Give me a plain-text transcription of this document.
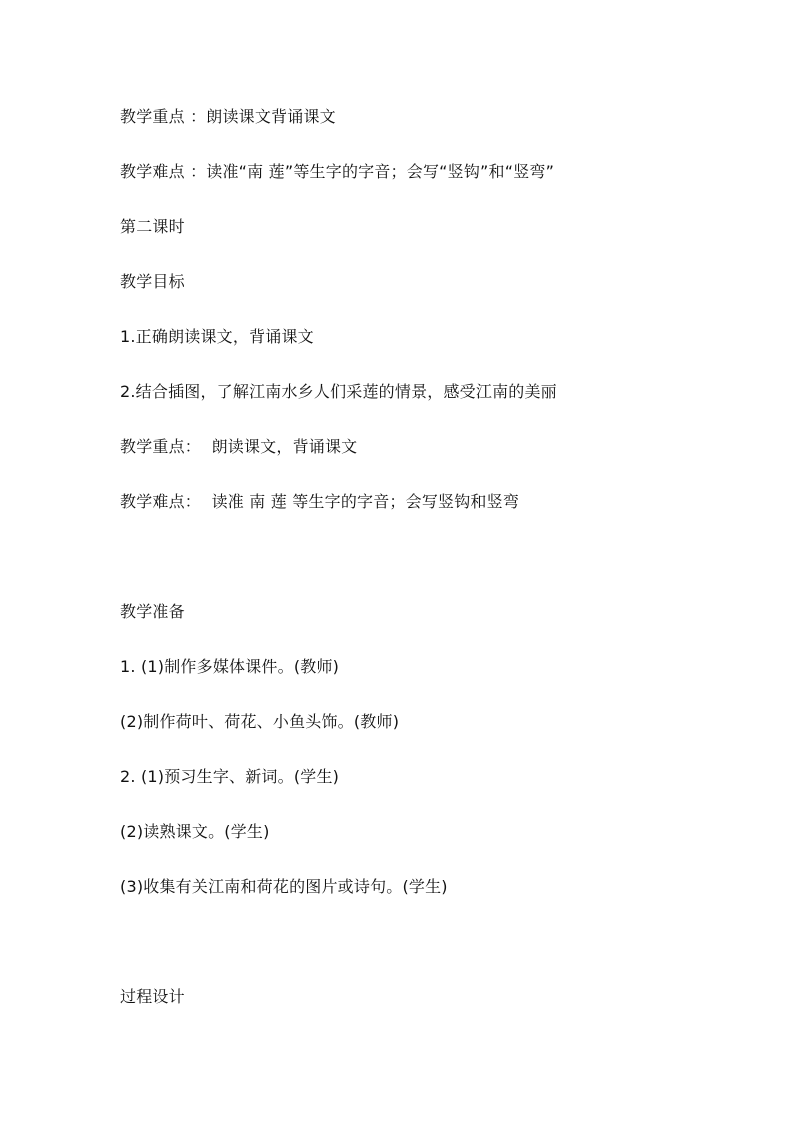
教学重点 ：朗读课文背诵课文
教学难点 ：读准“南 莲”等生字的字音；会写“竖钩”和“竖弯”
第二课时
教学目标
1.正确朗读课文，背诵课文
2.结合插图，了解江南水乡人们采莲的情景，感受江南的美丽
教学重点：  朗读课文，背诵课文
教学难点：  读准 南 莲 等生字的字音；会写竖钩和竖弯
教学准备
1. (1)制作多媒体课件。(教师)
(2)制作荷叶、荷花、小鱼头饰。(教师)
2. (1)预习生字、新词。(学生)
(2)读熟课文。(学生)
(3)收集有关江南和荷花的图片或诗句。(学生)
过程设计
